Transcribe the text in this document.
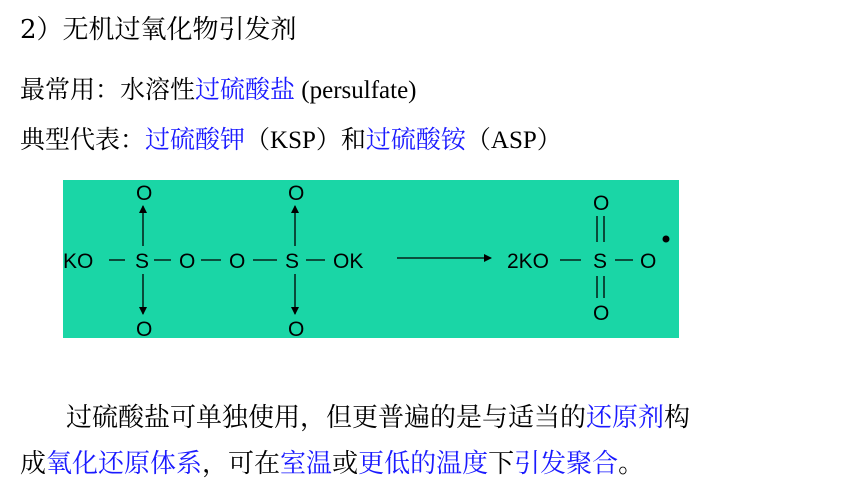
2）无机过氧化物引发剂
最常用：水溶性过硫酸盐 (persulfate)
典型代表：过硫酸钾（KSP）和过硫酸铵（ASP）
KO S O O S OK
O
O
O
O
2KO S O
O
O
过硫酸盐可单独使用，但更普遍的是与适当的还原剂构
成氧化还原体系，可在室温或更低的温度下引发聚合。
